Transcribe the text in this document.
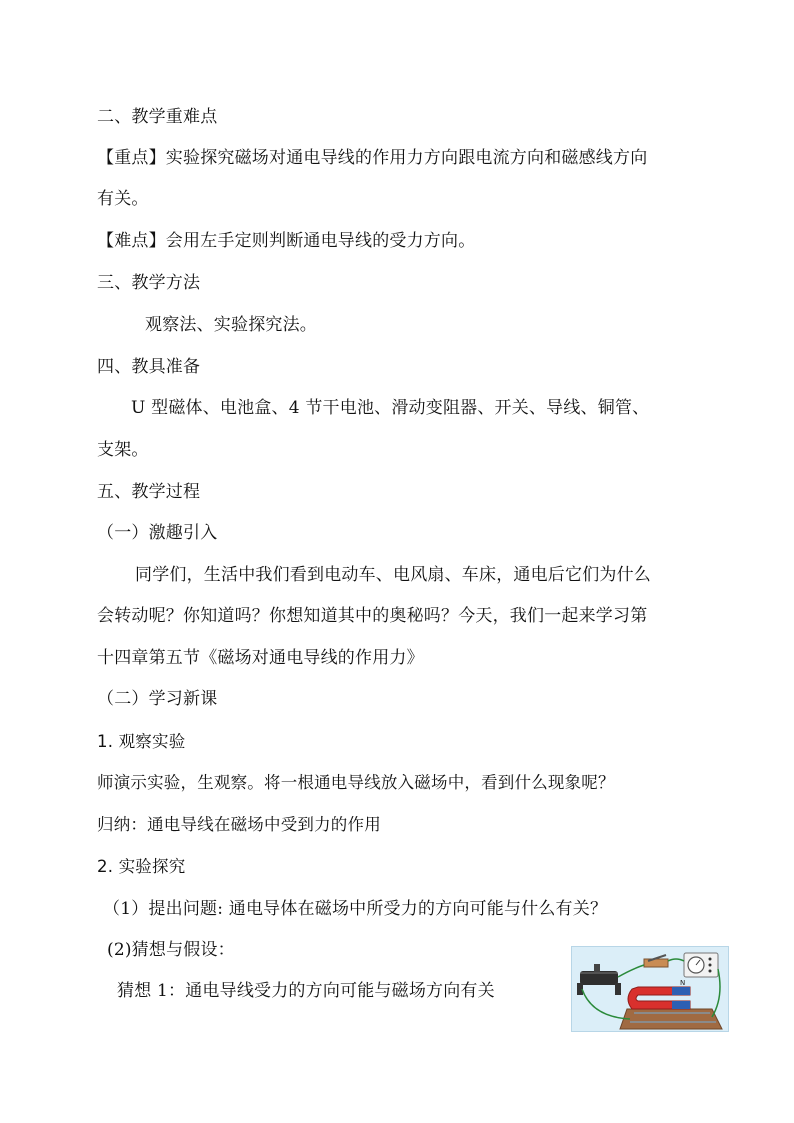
二、教学重难点
【重点】实验探究磁场对通电导线的作用力方向跟电流方向和磁感线方向
有关。
【难点】会用左手定则判断通电导线的受力方向。
三、教学方法
观察法、实验探究法。
四、教具准备
U 型磁体、电池盒、4 节干电池、滑动变阻器、开关、导线、铜管、
支架。
五、教学过程
（一）激趣引入
同学们，生活中我们看到电动车、电风扇、车床，通电后它们为什么
会转动呢？你知道吗？你想知道其中的奥秘吗？今天，我们一起来学习第
十四章第五节《磁场对通电导线的作用力》
（二）学习新课
1. 观察实验
师演示实验，生观察。将一根通电导线放入磁场中，看到什么现象呢？
归纳：通电导线在磁场中受到力的作用
2. 实验探究
（1）提出问题: 通电导体在磁场中所受力的方向可能与什么有关？
(2)猜想与假设：
猜想 1：通电导线受力的方向可能与磁场方向有关	N
